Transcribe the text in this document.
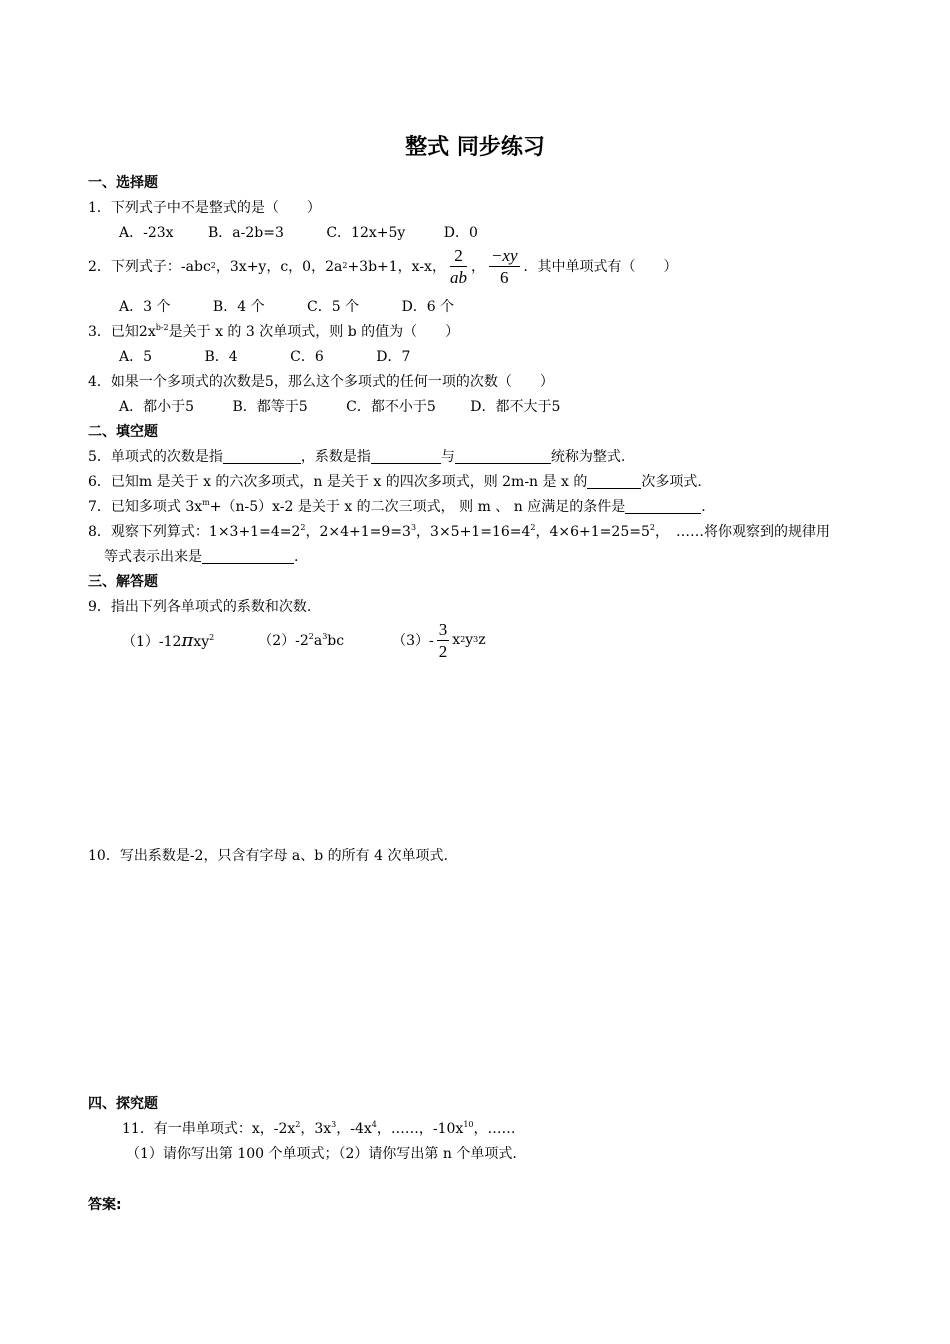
整式 同步练习
一、选择题
1．下列式子中不是整式的是（　　）
A．-23x B．a-2b=3	C．12x+5y	D．0
2．下列式子：-abc 2 ，3x+y，c，0，2a 2 +3b+1，x-x， $\frac{2}{ab}$ ， $\frac{-xy}{6}$ ．其中单项式有（　　）
A．3 个	B．4 个	C．5 个	D．6 个
3．已知$2x^{b-2}$是关于 x 的 3 次单项式，则 b 的值为（　　）
A．5	B．4	C．6	D．7
4．如果一个多项式的次数是5，那么这个多项式的任何一项的次数（　　）
A．都小于5	B．都等于5	C．都不小于5 D．都不大于5
二、填空题
5．单项式的次数是指	，系数是指	与	统称为整式.
6．已知m 是关于 x 的六次多项式，n 是关于 x 的四次多项式，则 2m-n 是 x 的	次多项式.
7．已知多项式 $3x^m+(n-5)x-2$ 是关于 x 的二次三项式， 则 m 、 n 应满足的条件是	.
8．观察下列算式：$1\times 3+1=4=2^2$，$2\times 4+1=9=3^3$，$3\times 5+1=16=4^2$，$4\times 6+1=25=5^2$，　……将你观察到的规律用
等式表示出来是	.
三、解答题
9．指出下列各单项式的系数和次数.
（1）-12πxy$^2$	$(2)-2^2a^3bc$	$(3)- \frac{3}{2}$ x 2 y 3 z
10．写出系数是-2，只含有字母 a、b 的所有 4 次单项式.
四、探究题
11．有一串单项式：x，$-2x^2$，$3x^3$，$-4x^4$，……，$-10x^{10}$，……
（1）请你写出第 100 个单项式；（2）请你写出第 n 个单项式.
答案:
